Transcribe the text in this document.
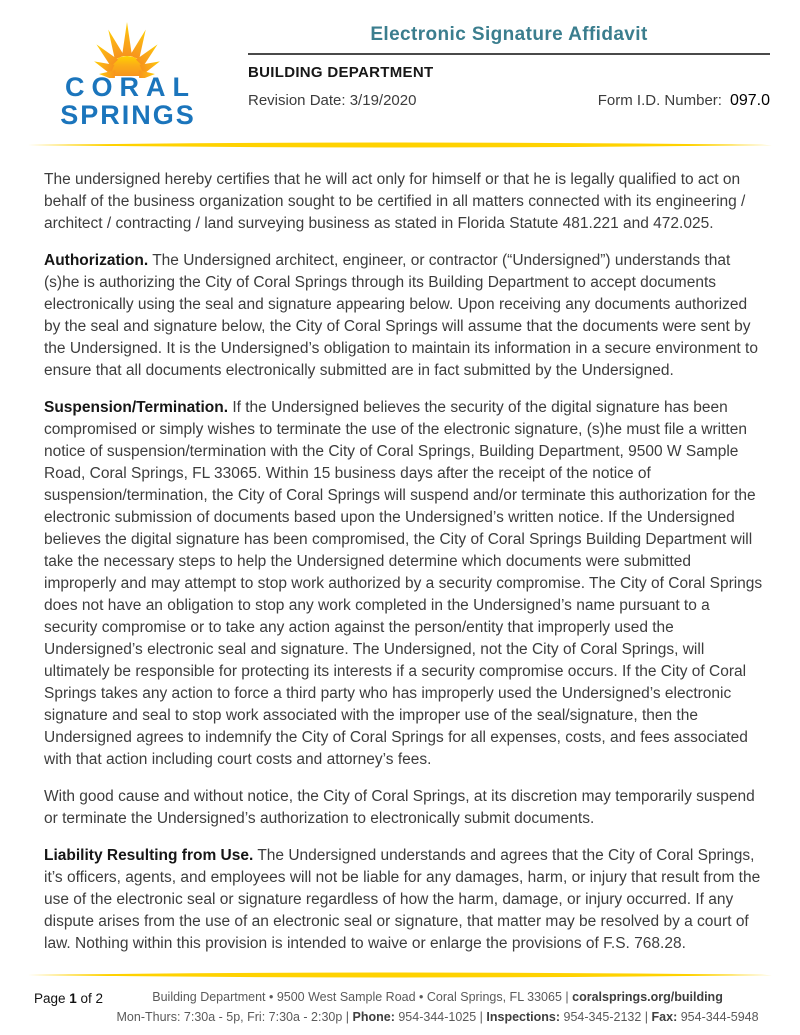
CORAL
SPRINGS
Electronic Signature Affidavit
BUILDING DEPARTMENT
Revision Date: 3/19/2020	Form I.D. Number: 097.0

The undersigned hereby certifies that he will act only for himself or that he is legally qualified to act on behalf of the business organization sought to be certified in all matters connected with its engineering / architect / contracting / land surveying business as stated in Florida Statute 481.221 and 472.025.

Authorization. The Undersigned architect, engineer, or contractor (“Undersigned”) understands that (s)he is authorizing the City of Coral Springs through its Building Department to accept documents electronically using the seal and signature appearing below. Upon receiving any documents authorized by the seal and signature below, the City of Coral Springs will assume that the documents were sent by the Undersigned. It is the Undersigned’s obligation to maintain its information in a secure environment to ensure that all documents electronically submitted are in fact submitted by the Undersigned.

Suspension/Termination. If the Undersigned believes the security of the digital signature has been compromised or simply wishes to terminate the use of the electronic signature, (s)he must file a written notice of suspension/termination with the City of Coral Springs, Building Department, 9500 W Sample Road, Coral Springs, FL 33065. Within 15 business days after the receipt of the notice of suspension/termination, the City of Coral Springs will suspend and/or terminate this authorization for the electronic submission of documents based upon the Undersigned’s written notice. If the Undersigned believes the digital signature has been compromised, the City of Coral Springs Building Department will take the necessary steps to help the Undersigned determine which documents were submitted improperly and may attempt to stop work authorized by a security compromise. The City of Coral Springs does not have an obligation to stop any work completed in the Undersigned’s name pursuant to a security compromise or to take any action against the person/entity that improperly used the Undersigned’s electronic seal and signature. The Undersigned, not the City of Coral Springs, will ultimately be responsible for protecting its interests if a security compromise occurs. If the City of Coral Springs takes any action to force a third party who has improperly used the Undersigned’s electronic signature and seal to stop work associated with the improper use of the seal/signature, then the Undersigned agrees to indemnify the City of Coral Springs for all expenses, costs, and fees associated with that action including court costs and attorney’s fees.

With good cause and without notice, the City of Coral Springs, at its discretion may temporarily suspend or terminate the Undersigned’s authorization to electronically submit documents.

Liability Resulting from Use. The Undersigned understands and agrees that the City of Coral Springs, it’s officers, agents, and employees will not be liable for any damages, harm, or injury that result from the use of the electronic seal or signature regardless of how the harm, damage, or injury occurred. If any dispute arises from the use of an electronic seal or signature, that matter may be resolved by a court of law. Nothing within this provision is intended to waive or enlarge the provisions of F.S. 768.28.

Page 1 of 2	Building Department • 9500 West Sample Road • Coral Springs, FL 33065 | coralsprings.org/building
Mon-Thurs: 7:30a - 5p, Fri: 7:30a - 2:30p | Phone: 954-344-1025 | Inspections: 954-345-2132 | Fax: 954-344-5948
